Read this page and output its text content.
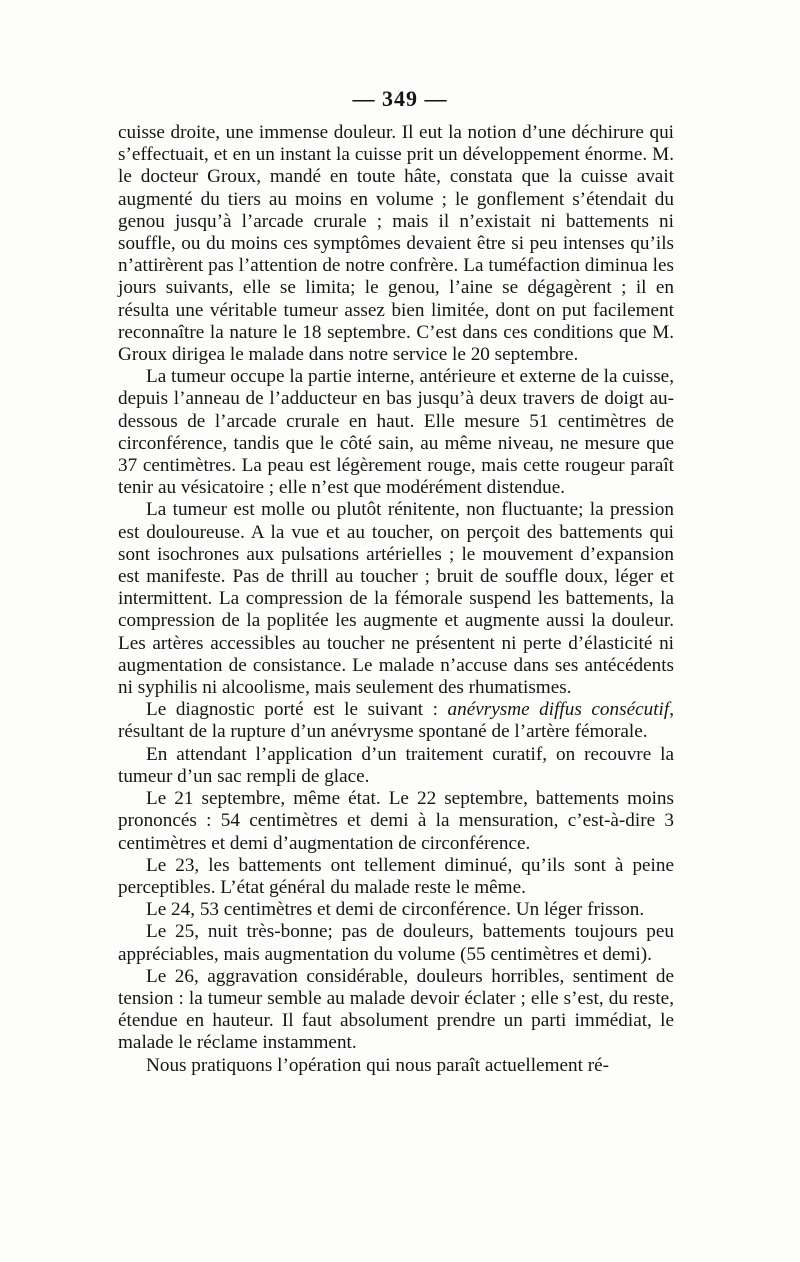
— 349 —

cuisse droite, une immense douleur. Il eut la notion d’une déchirure qui s’effectuait, et en un instant la cuisse prit un développement énorme. M. le docteur Groux, mandé en toute hâte, constata que la cuisse avait augmenté du tiers au moins en volume ; le gonflement s’étendait du genou jusqu’à l’arcade crurale ; mais il n’existait ni battements ni souffle, ou du moins ces symptômes devaient être si peu intenses qu’ils n’attirèrent pas l’attention de notre confrère. La tuméfaction diminua les jours suivants, elle se limita; le genou, l’aine se dégagèrent ; il en résulta une véritable tumeur assez bien limitée, dont on put facilement reconnaître la nature le 18 septembre. C’est dans ces conditions que M. Groux dirigea le malade dans notre service le 20 septembre.

La tumeur occupe la partie interne, antérieure et externe de la cuisse, depuis l’anneau de l’adducteur en bas jusqu’à deux travers de doigt au-dessous de l’arcade crurale en haut. Elle mesure 51 centimètres de circonférence, tandis que le côté sain, au même niveau, ne mesure que 37 centimètres. La peau est légèrement rouge, mais cette rougeur paraît tenir au vésicatoire ; elle n’est que modérément distendue.

La tumeur est molle ou plutôt rénitente, non fluctuante; la pression est douloureuse. A la vue et au toucher, on perçoit des battements qui sont isochrones aux pulsations artérielles ; le mouvement d’expansion est manifeste. Pas de thrill au toucher ; bruit de souffle doux, léger et intermittent. La compression de la fémorale suspend les battements, la compression de la poplitée les augmente et augmente aussi la douleur. Les artères accessibles au toucher ne présentent ni perte d’élasticité ni augmentation de consistance. Le malade n’accuse dans ses antécédents ni syphilis ni alcoolisme, mais seulement des rhumatismes.

Le diagnostic porté est le suivant : anévrysme diffus consécutif, résultant de la rupture d’un anévrysme spontané de l’artère fémorale.

En attendant l’application d’un traitement curatif, on recouvre la tumeur d’un sac rempli de glace.

Le 21 septembre, même état. Le 22 septembre, battements moins prononcés : 54 centimètres et demi à la mensuration, c’est-à-dire 3 centimètres et demi d’augmentation de circonférence.

Le 23, les battements ont tellement diminué, qu’ils sont à peine perceptibles. L’état général du malade reste le même.

Le 24, 53 centimètres et demi de circonférence. Un léger frisson.

Le 25, nuit très-bonne; pas de douleurs, battements toujours peu appréciables, mais augmentation du volume (55 centimètres et demi).

Le 26, aggravation considérable, douleurs horribles, sentiment de tension : la tumeur semble au malade devoir éclater ; elle s’est, du reste, étendue en hauteur. Il faut absolument prendre un parti immédiat, le malade le réclame instamment.

Nous pratiquons l’opération qui nous paraît actuellement ré-
